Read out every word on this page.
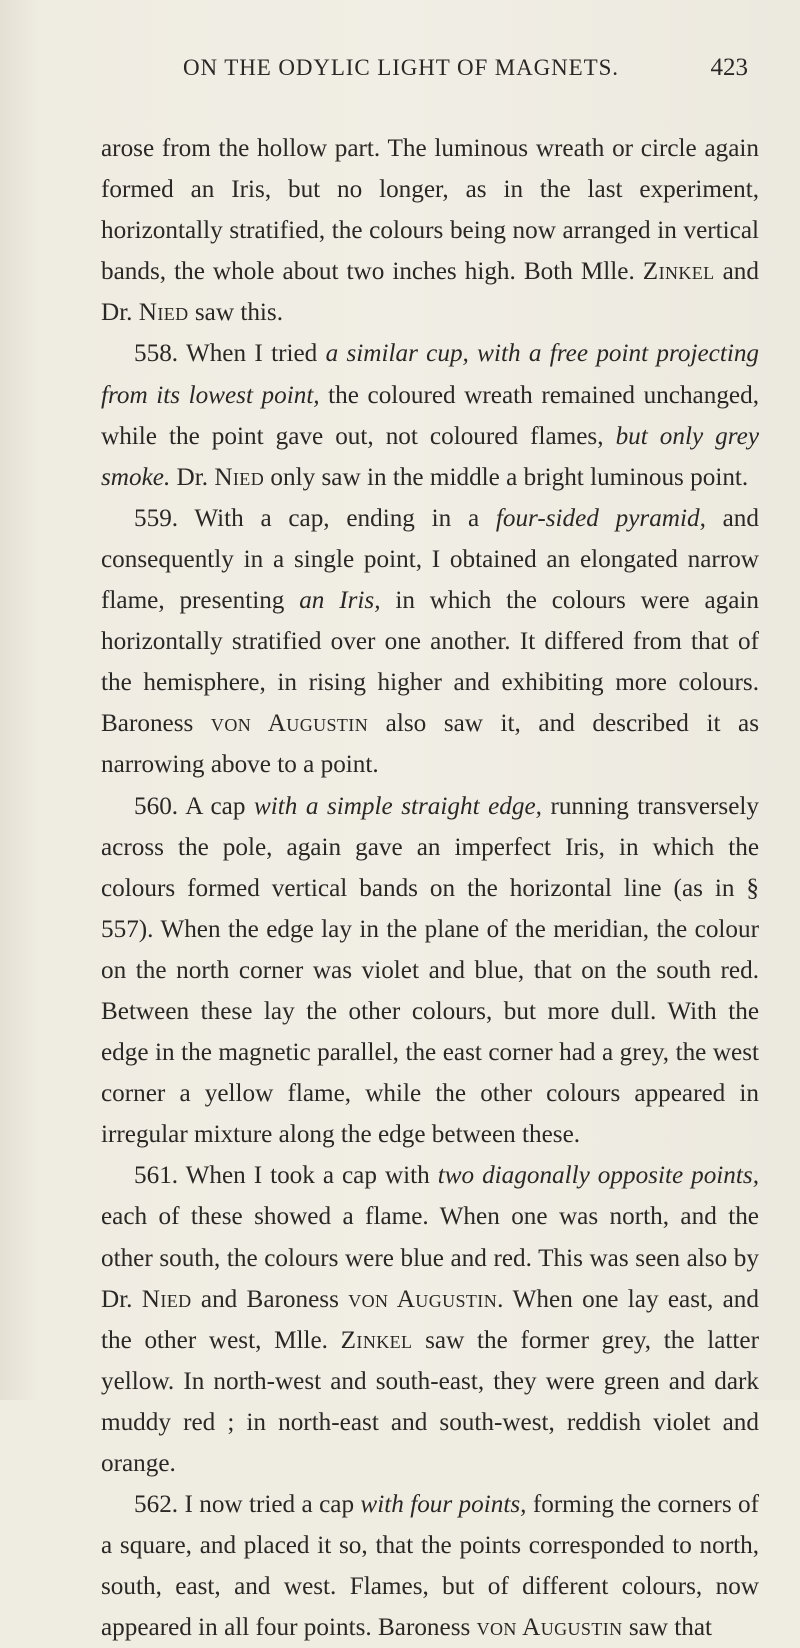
ON THE ODYLIC LIGHT OF MAGNETS.	423

arose from the hollow part. The luminous wreath or circle again formed an Iris, but no longer, as in the last experiment, horizontally stratified, the colours being now arranged in vertical bands, the whole about two inches high. Both Mlle. Zinkel and Dr. Nied saw this.

558. When I tried a similar cup, with a free point projecting from its lowest point, the coloured wreath remained unchanged, while the point gave out, not coloured flames, but only grey smoke. Dr. Nied only saw in the middle a bright luminous point.

559. With a cap, ending in a four-sided pyramid, and consequently in a single point, I obtained an elongated narrow flame, presenting an Iris, in which the colours were again horizontally stratified over one another. It differed from that of the hemisphere, in rising higher and exhibiting more colours. Baroness von Augustin also saw it, and described it as narrowing above to a point.

560. A cap with a simple straight edge, running transversely across the pole, again gave an imperfect Iris, in which the colours formed vertical bands on the horizontal line (as in § 557). When the edge lay in the plane of the meridian, the colour on the north corner was violet and blue, that on the south red. Between these lay the other colours, but more dull. With the edge in the magnetic parallel, the east corner had a grey, the west corner a yellow flame, while the other colours appeared in irregular mixture along the edge between these.

561. When I took a cap with two diagonally opposite points, each of these showed a flame. When one was north, and the other south, the colours were blue and red. This was seen also by Dr. Nied and Baroness von Augustin. When one lay east, and the other west, Mlle. Zinkel saw the former grey, the latter yellow. In north-west and south-east, they were green and dark muddy red ; in north-east and south-west, reddish violet and orange.

562. I now tried a cap with four points, forming the corners of a square, and placed it so, that the points corresponded to north, south, east, and west. Flames, but of different colours, now appeared in all four points. Baroness von Augustin saw that
